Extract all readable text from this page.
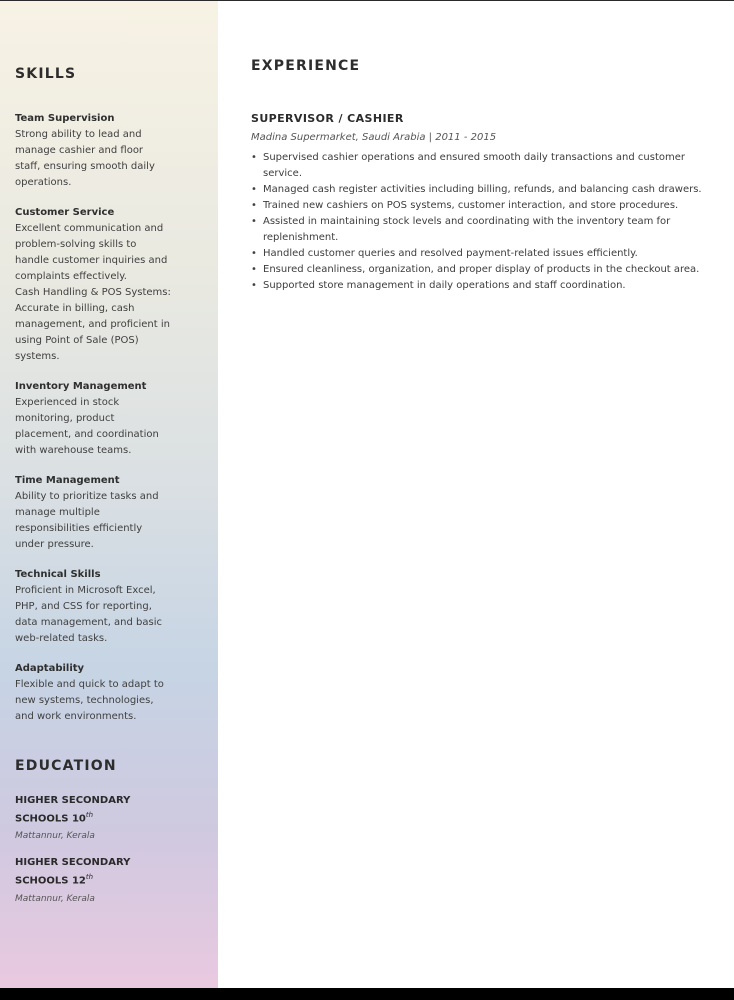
SKILLS
Team Supervision
Strong ability to lead and
manage cashier and floor
staff, ensuring smooth daily
operations.
Customer Service
Excellent communication and
problem-solving skills to
handle customer inquiries and
complaints effectively.
Cash Handling & POS Systems:
Accurate in billing, cash
management, and proficient in
using Point of Sale (POS)
systems.
Inventory Management
Experienced in stock
monitoring, product
placement, and coordination
with warehouse teams.
Time Management
Ability to prioritize tasks and
manage multiple
responsibilities efficiently
under pressure.
Technical Skills
Proficient in Microsoft Excel,
PHP, and CSS for reporting,
data management, and basic
web-related tasks.
Adaptability
Flexible and quick to adapt to
new systems, technologies,
and work environments.
EDUCATION
HIGHER SECONDARY
SCHOOLS 10th
Mattannur, Kerala
HIGHER SECONDARY
SCHOOLS 12th
Mattannur, Kerala
EXPERIENCE
SUPERVISOR / CASHIER
Madina Supermarket, Saudi Arabia | 2011 - 2015
• Supervised cashier operations and ensured smooth daily transactions and customer service.
• Managed cash register activities including billing, refunds, and balancing cash drawers.
• Trained new cashiers on POS systems, customer interaction, and store procedures.
• Assisted in maintaining stock levels and coordinating with the inventory team for replenishment.
• Handled customer queries and resolved payment-related issues efficiently.
• Ensured cleanliness, organization, and proper display of products in the checkout area.
• Supported store management in daily operations and staff coordination.
